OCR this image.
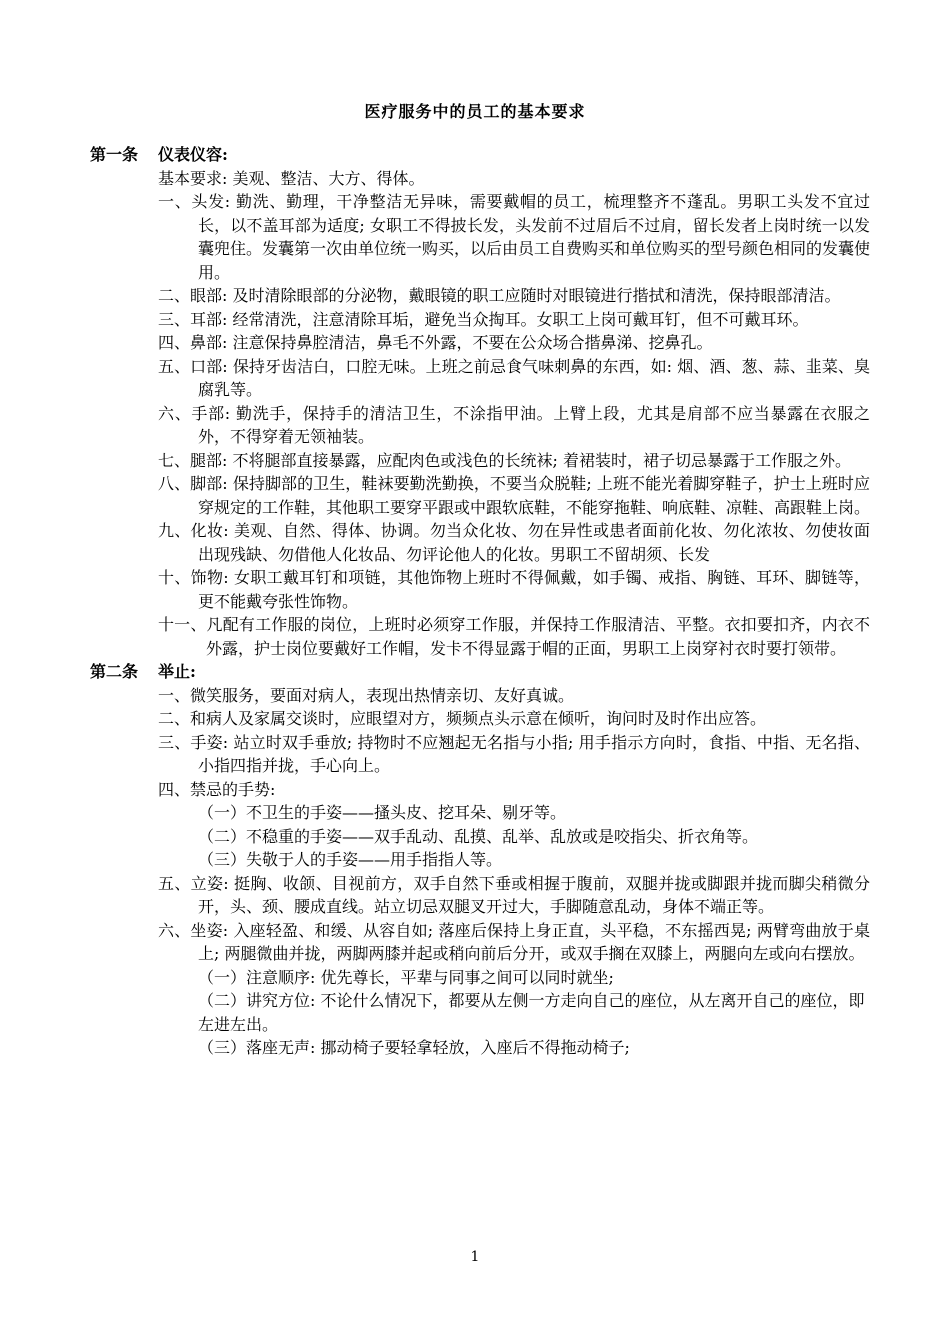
医疗服务中的员工的基本要求

第一条 仪表仪容:

基本要求: 美观、整洁、大方、得体。

一、头发: 勤洗、勤理，干净整洁无异味，需要戴帽的员工，梳理整齐不蓬乱。男职工头发不宜过长，以不盖耳部为适度; 女职工不得披长发，头发前不过眉后不过肩，留长发者上岗时统一以发囊兜住。发囊第一次由单位统一购买，以后由员工自费购买和单位购买的型号颜色相同的发囊使用。

二、眼部: 及时清除眼部的分泌物，戴眼镜的职工应随时对眼镜进行揩拭和清洗，保持眼部清洁。

三、耳部: 经常清洗，注意清除耳垢，避免当众掏耳。女职工上岗可戴耳钉，但不可戴耳环。

四、鼻部: 注意保持鼻腔清洁，鼻毛不外露，不要在公众场合揩鼻涕、挖鼻孔。

五、口部: 保持牙齿洁白，口腔无味。上班之前忌食气味刺鼻的东西，如: 烟、酒、葱、蒜、韭菜、臭腐乳等。

六、手部: 勤洗手，保持手的清洁卫生，不涂指甲油。上臂上段，尤其是肩部不应当暴露在衣服之外，不得穿着无领袖装。

七、腿部: 不将腿部直接暴露，应配肉色或浅色的长统袜; 着裙装时，裙子切忌暴露于工作服之外。

八、脚部: 保持脚部的卫生，鞋袜要勤洗勤换，不要当众脱鞋; 上班不能光着脚穿鞋子，护士上班时应穿规定的工作鞋，其他职工要穿平跟或中跟软底鞋，不能穿拖鞋、响底鞋、凉鞋、高跟鞋上岗。

九、化妆: 美观、自然、得体、协调。勿当众化妆、勿在异性或患者面前化妆、勿化浓妆、勿使妆面出现残缺、勿借他人化妆品、勿评论他人的化妆。男职工不留胡须、长发

十、饰物: 女职工戴耳钉和项链，其他饰物上班时不得佩戴，如手镯、戒指、胸链、耳环、脚链等，更不能戴夸张性饰物。

十一、凡配有工作服的岗位，上班时必须穿工作服，并保持工作服清洁、平整。衣扣要扣齐，内衣不外露，护士岗位要戴好工作帽，发卡不得显露于帽的正面，男职工上岗穿衬衣时要打领带。

第二条 举止:

一、微笑服务，要面对病人，表现出热情亲切、友好真诚。

二、和病人及家属交谈时，应眼望对方，频频点头示意在倾听，询问时及时作出应答。

三、手姿: 站立时双手垂放; 持物时不应翘起无名指与小指; 用手指示方向时，食指、中指、无名指、小指四指并拢，手心向上。

四、禁忌的手势:

（一）不卫生的手姿——搔头皮、挖耳朵、剔牙等。

（二）不稳重的手姿——双手乱动、乱摸、乱举、乱放或是咬指尖、折衣角等。

（三）失敬于人的手姿——用手指指人等。

五、立姿: 挺胸、收颌、目视前方，双手自然下垂或相握于腹前，双腿并拢或脚跟并拢而脚尖稍微分开，头、颈、腰成直线。站立切忌双腿叉开过大，手脚随意乱动，身体不端正等。

六、坐姿: 入座轻盈、和缓、从容自如; 落座后保持上身正直，头平稳，不东摇西晃; 两臂弯曲放于桌上; 两腿微曲并拢，两脚两膝并起或稍向前后分开，或双手搁在双膝上，两腿向左或向右摆放。

（一）注意顺序: 优先尊长，平辈与同事之间可以同时就坐;

（二）讲究方位: 不论什么情况下，都要从左侧一方走向自己的座位，从左离开自己的座位，即左进左出。

（三）落座无声: 挪动椅子要轻拿轻放，入座后不得拖动椅子;

1
